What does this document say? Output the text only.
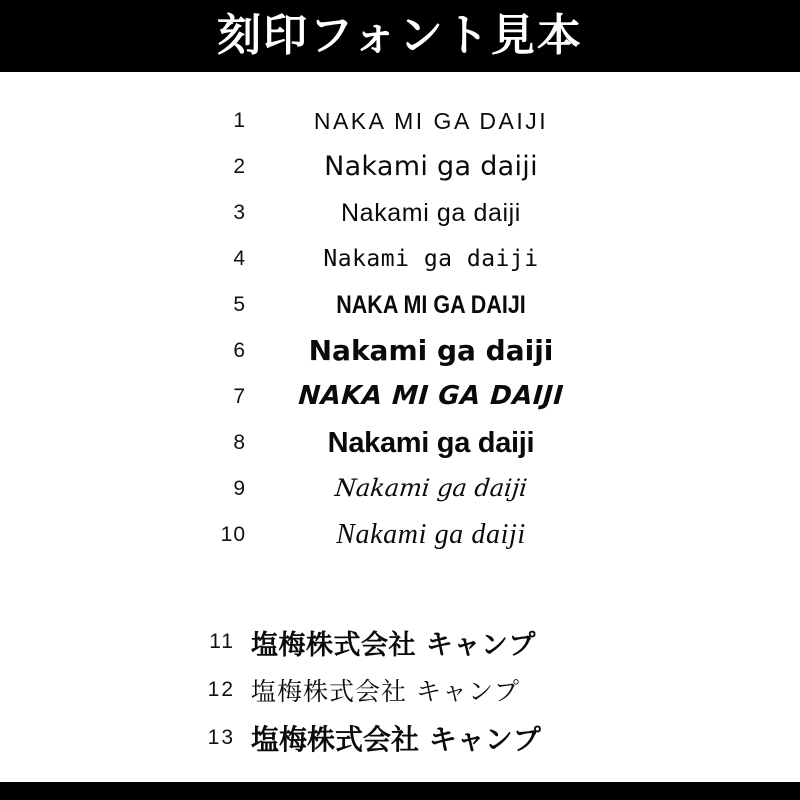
刻印フォント見本
1	NAKA MI GA DAIJI
2	Nakami ga daiji
3	Nakami ga daiji
4	Nakami ga daiji
5	NAKA MI GA DAIJI
6	Nakami ga daiji
7	NAKA MI GA DAIJI
8	Nakami ga daiji
9	Nakami ga daiji
10	Nakami ga daiji
11 塩梅株式会社 キャンプ
12 塩梅株式会社 キャンプ
13 塩梅株式会社 キャンプ
